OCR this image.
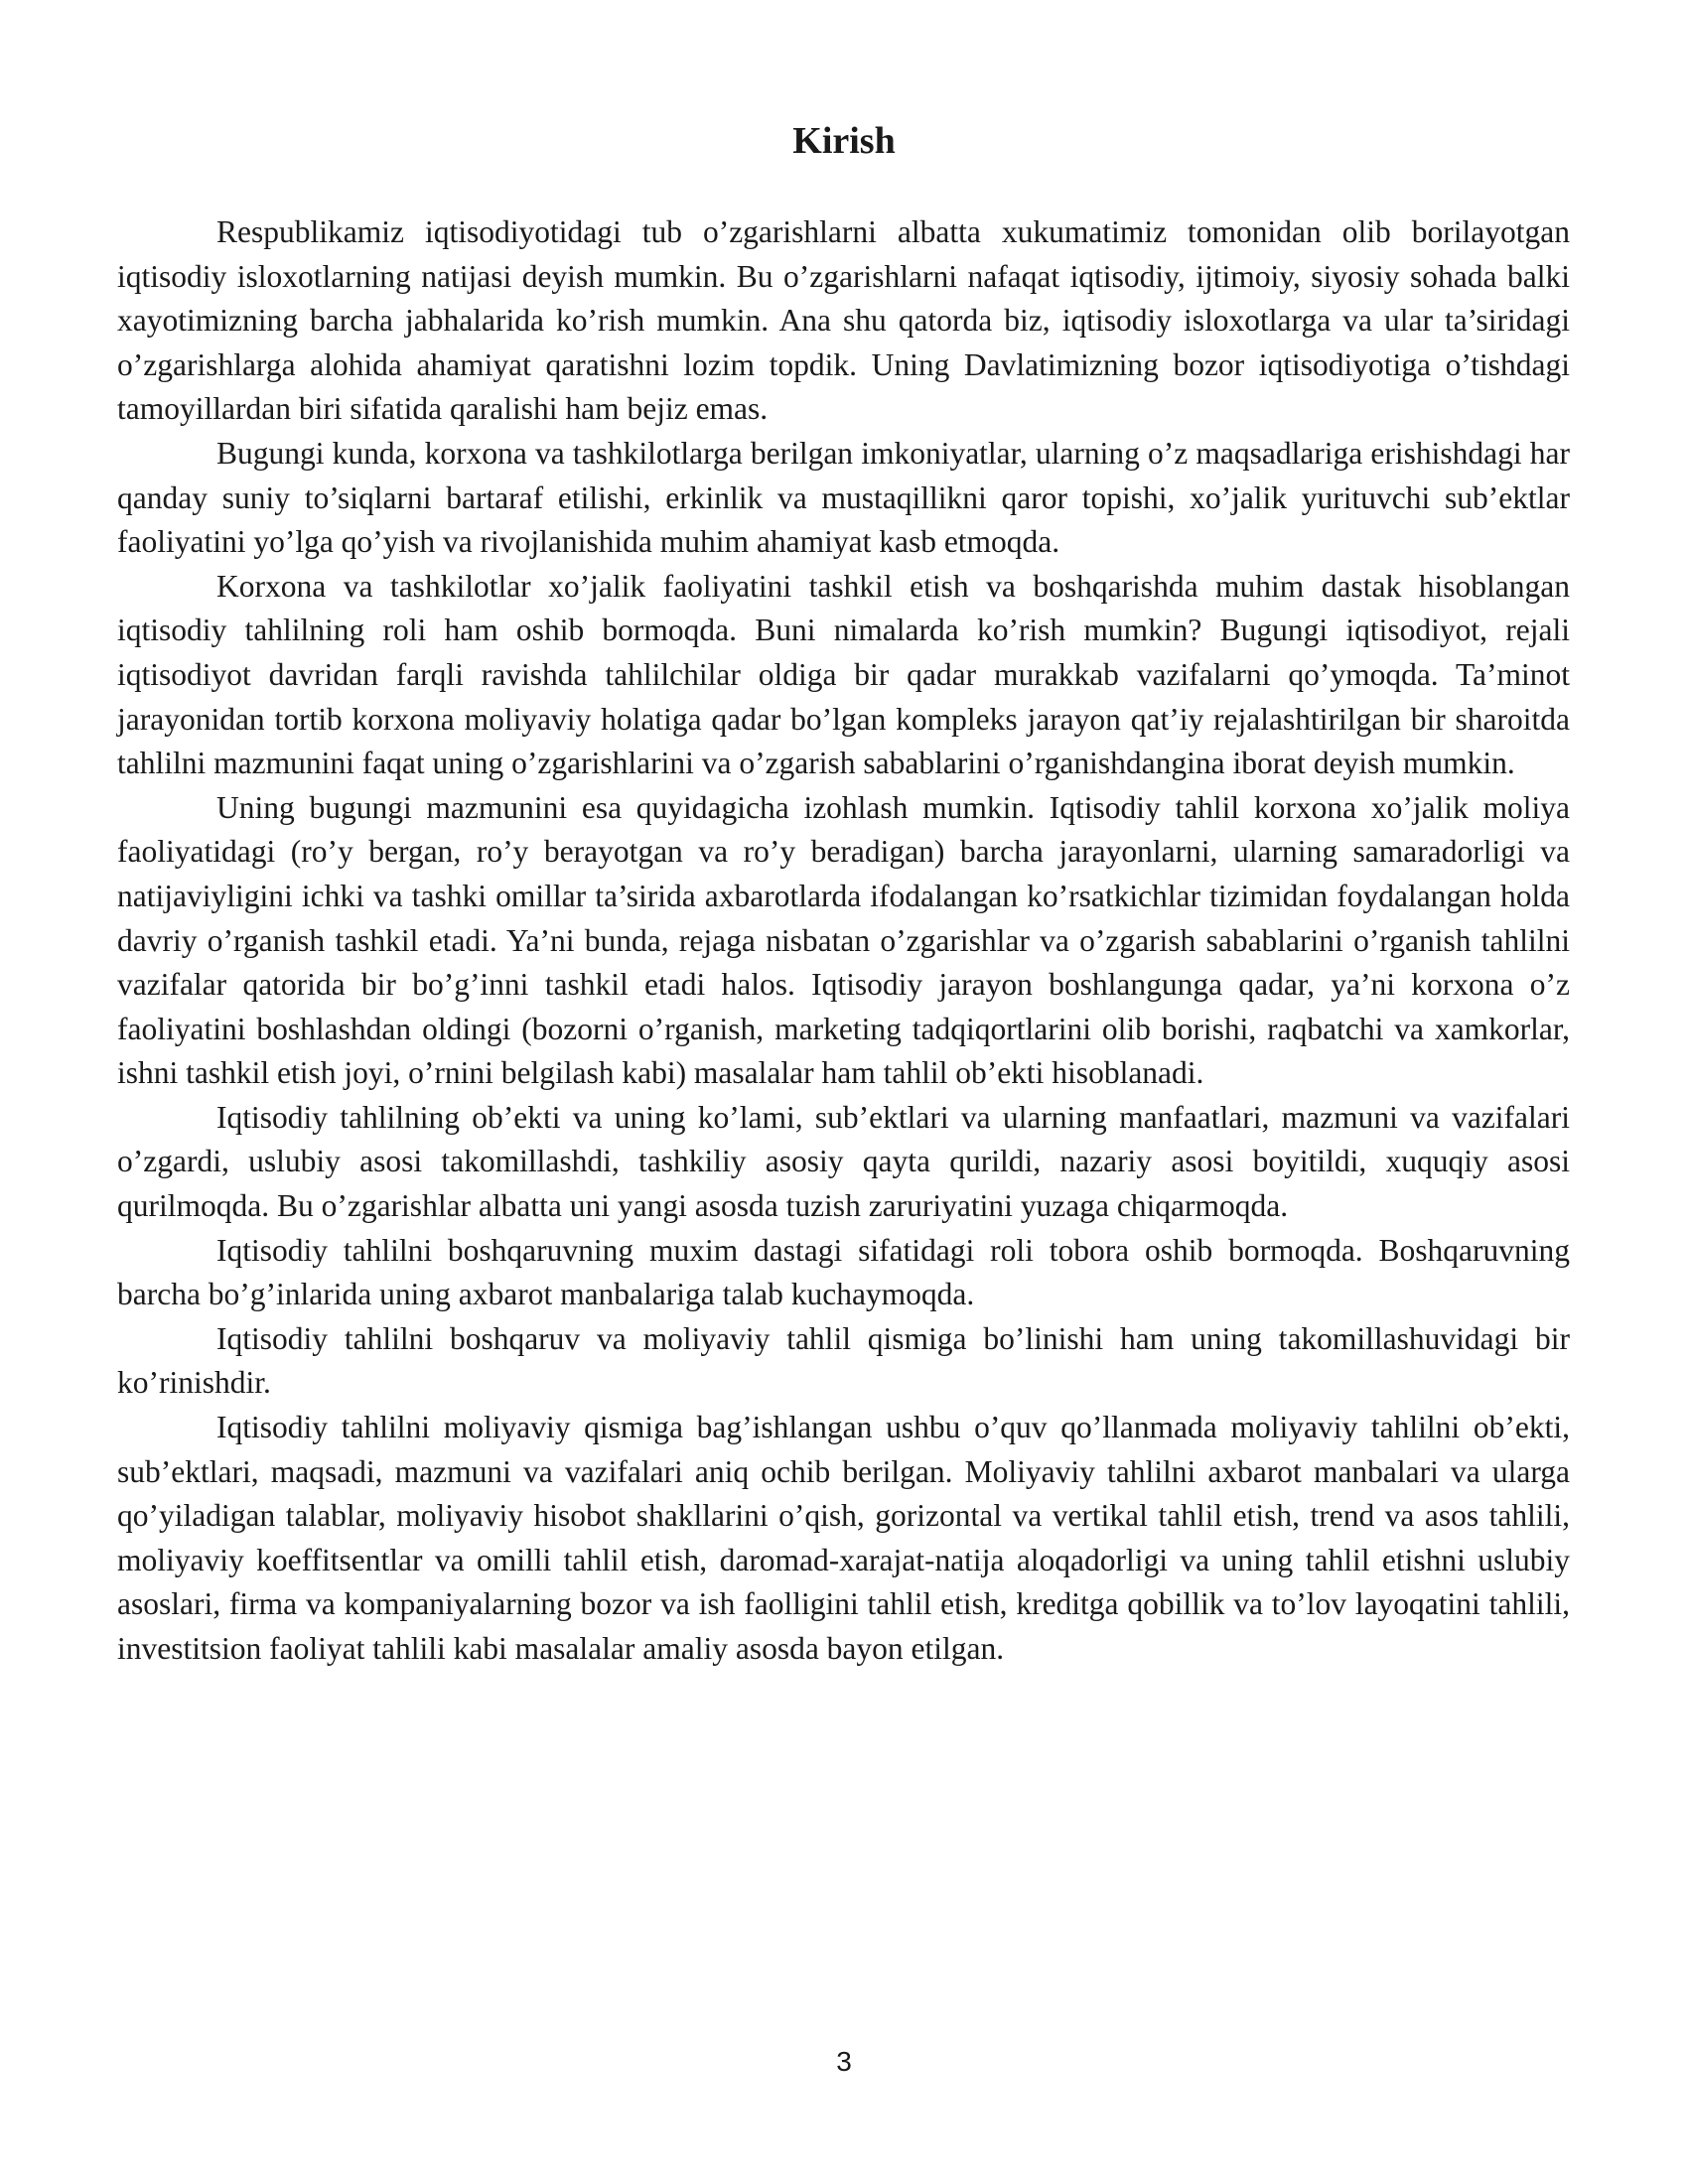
Kirish

Respublikamiz iqtisodiyotidagi tub o’zgarishlarni albatta xukumatimiz tomonidan olib borilayotgan iqtisodiy isloxotlarning natijasi deyish mumkin. Bu o’zgarishlarni nafaqat iqtisodiy, ijtimoiy, siyosiy sohada balki xayotimizning barcha jabhalarida ko’rish mumkin. Ana shu qatorda biz, iqtisodiy isloxotlarga va ular ta’siridagi o’zgarishlarga alohida ahamiyat qaratishni lozim topdik. Uning Davlatimizning bozor iqtisodiyotiga o’tishdagi tamoyillardan biri sifatida qaralishi ham bejiz emas.

Bugungi kunda, korxona va tashkilotlarga berilgan imkoniyatlar, ularning o’z maqsadlariga erishishdagi har qanday suniy to’siqlarni bartaraf etilishi, erkinlik va mustaqillikni qaror topishi, xo’jalik yurituvchi sub’ektlar faoliyatini yo’lga qo’yish va rivojlanishida muhim ahamiyat kasb etmoqda.

Korxona va tashkilotlar xo’jalik faoliyatini tashkil etish va boshqarishda muhim dastak hisoblangan iqtisodiy tahlilning roli ham oshib bormoqda. Buni nimalarda ko’rish mumkin? Bugungi iqtisodiyot, rejali iqtisodiyot davridan farqli ravishda tahlilchilar oldiga bir qadar murakkab vazifalarni qo’ymoqda. Ta’minot jarayonidan tortib korxona moliyaviy holatiga qadar bo’lgan kompleks jarayon qat’iy rejalashtirilgan bir sharoitda tahlilni mazmunini faqat uning o’zgarishlarini va o’zgarish sabablarini o’rganishdangina iborat deyish mumkin.

Uning bugungi mazmunini esa quyidagicha izohlash mumkin. Iqtisodiy tahlil korxona xo’jalik moliya faoliyatidagi (ro’y bergan, ro’y berayotgan va ro’y beradigan) barcha jarayonlarni, ularning samaradorligi va natijaviyligini ichki va tashki omillar ta’sirida axbarotlarda ifodalangan ko’rsatkichlar tizimidan foydalangan holda davriy o’rganish tashkil etadi. Ya’ni bunda, rejaga nisbatan o’zgarishlar va o’zgarish sabablarini o’rganish tahlilni vazifalar qatorida bir bo’g’inni tashkil etadi halos. Iqtisodiy jarayon boshlangunga qadar, ya’ni korxona o’z faoliyatini boshlashdan oldingi (bozorni o’rganish, marketing tadqiqortlarini olib borishi, raqbatchi va xamkorlar, ishni tashkil etish joyi, o’rnini belgilash kabi) masalalar ham tahlil ob’ekti hisoblanadi.

Iqtisodiy tahlilning ob’ekti va uning ko’lami, sub’ektlari va ularning manfaatlari, mazmuni va vazifalari o’zgardi, uslubiy asosi takomillashdi, tashkiliy asosiy qayta qurildi, nazariy asosi boyitildi, xuquqiy asosi qurilmoqda. Bu o’zgarishlar albatta uni yangi asosda tuzish zaruriyatini yuzaga chiqarmoqda.

Iqtisodiy tahlilni boshqaruvning muxim dastagi sifatidagi roli tobora oshib bormoqda. Boshqaruvning barcha bo’g’inlarida uning axbarot manbalariga talab kuchaymoqda.

Iqtisodiy tahlilni boshqaruv va moliyaviy tahlil qismiga bo’linishi ham uning takomillashuvidagi bir ko’rinishdir.

Iqtisodiy tahlilni moliyaviy qismiga bag’ishlangan ushbu o’quv qo’llanmada moliyaviy tahlilni ob’ekti, sub’ektlari, maqsadi, mazmuni va vazifalari aniq ochib berilgan. Moliyaviy tahlilni axbarot manbalari va ularga qo’yiladigan talablar, moliyaviy hisobot shakllarini o’qish, gorizontal va vertikal tahlil etish, trend va asos tahlili, moliyaviy koeffitsentlar va omilli tahlil etish, daromad-xarajat-natija aloqadorligi va uning tahlil etishni uslubiy asoslari, firma va kompaniyalarning bozor va ish faolligini tahlil etish, kreditga qobillik va to’lov layoqatini tahlili, investitsion faoliyat tahlili kabi masalalar amaliy asosda bayon etilgan.

3
